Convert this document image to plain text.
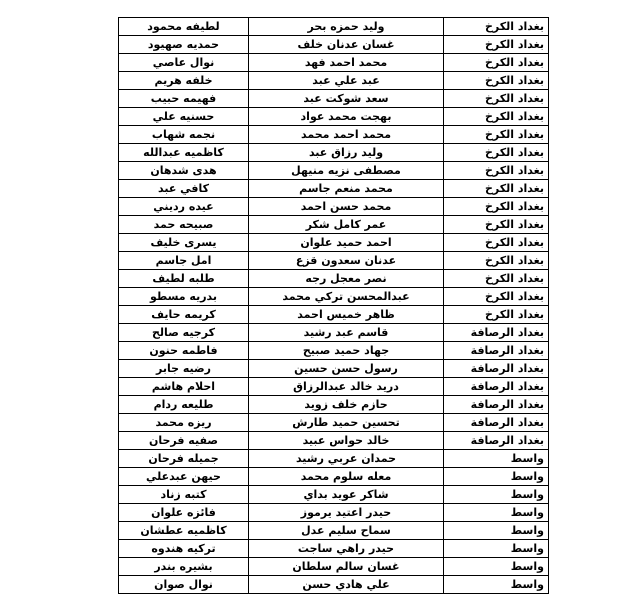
بغداد الكرخ	وليد حمزه بحر	لطيفه محمود
بغداد الكرخ	غسان عدنان خلف	حمديه صهيود
بغداد الكرخ	محمد احمد فهد	نوال عاصي
بغداد الكرخ	عبد علي عبد	خلفه هريم
بغداد الكرخ	سعد شوكت عبد	فهيمه حبيب
بغداد الكرخ	بهجت محمد عواد	حسنيه علي
بغداد الكرخ	محمد احمد محمد	نجمه شهاب
بغداد الكرخ	وليد رزاق عبد	كاظميه عبدالله
بغداد الكرخ	مصطفى نزيه منيهل	هدى شدهان
بغداد الكرخ	محمد منعم جاسم	كافي عبد
بغداد الكرخ	محمد حسن احمد	عيده رديني
بغداد الكرخ	عمر كامل شكر	صبيحه حمد
بغداد الكرخ	احمد حميد علوان	يسرى خليف
بغداد الكرخ	عدنان سعدون قزع	امل جاسم
بغداد الكرخ	نصر معجل رجه	طلبه لطيف
بغداد الكرخ	عبدالمحسن تركي محمد	بدريه مسطو
بغداد الكرخ	ظاهر خميس احمد	كريمه حايف
بغداد الرصافة	قاسم عبد رشيد	كرجيه صالح
بغداد الرصافة	جهاد حميد صبيح	فاطمه حنون
بغداد الرصافة	رسول حسن حسين	رضيه جابر
بغداد الرصافة	دريد خالد عبدالرزاق	احلام هاشم
بغداد الرصافة	حازم خلف زويد	طليعه ردام
بغداد الرصافة	تحسين حميد طارش	ريزه محمد
بغداد الرصافة	خالد حواس عبيد	صفيه فرحان
واسط	حمدان عربي رشيد	جميله فرحان
واسط	معله سلوم محمد	حيهن عبدعلي
واسط	شاكر عويد بداي	كتبه زناد
واسط	حيدر اعتيد يرموز	فائزه علوان
واسط	سماح سليم عدل	كاظميه عطشان
واسط	حيدر راهي ساجت	تركيه هندوه
واسط	غسان سالم سلطان	بشيره بندر
واسط	علي هادي حسن	نوال صوان
